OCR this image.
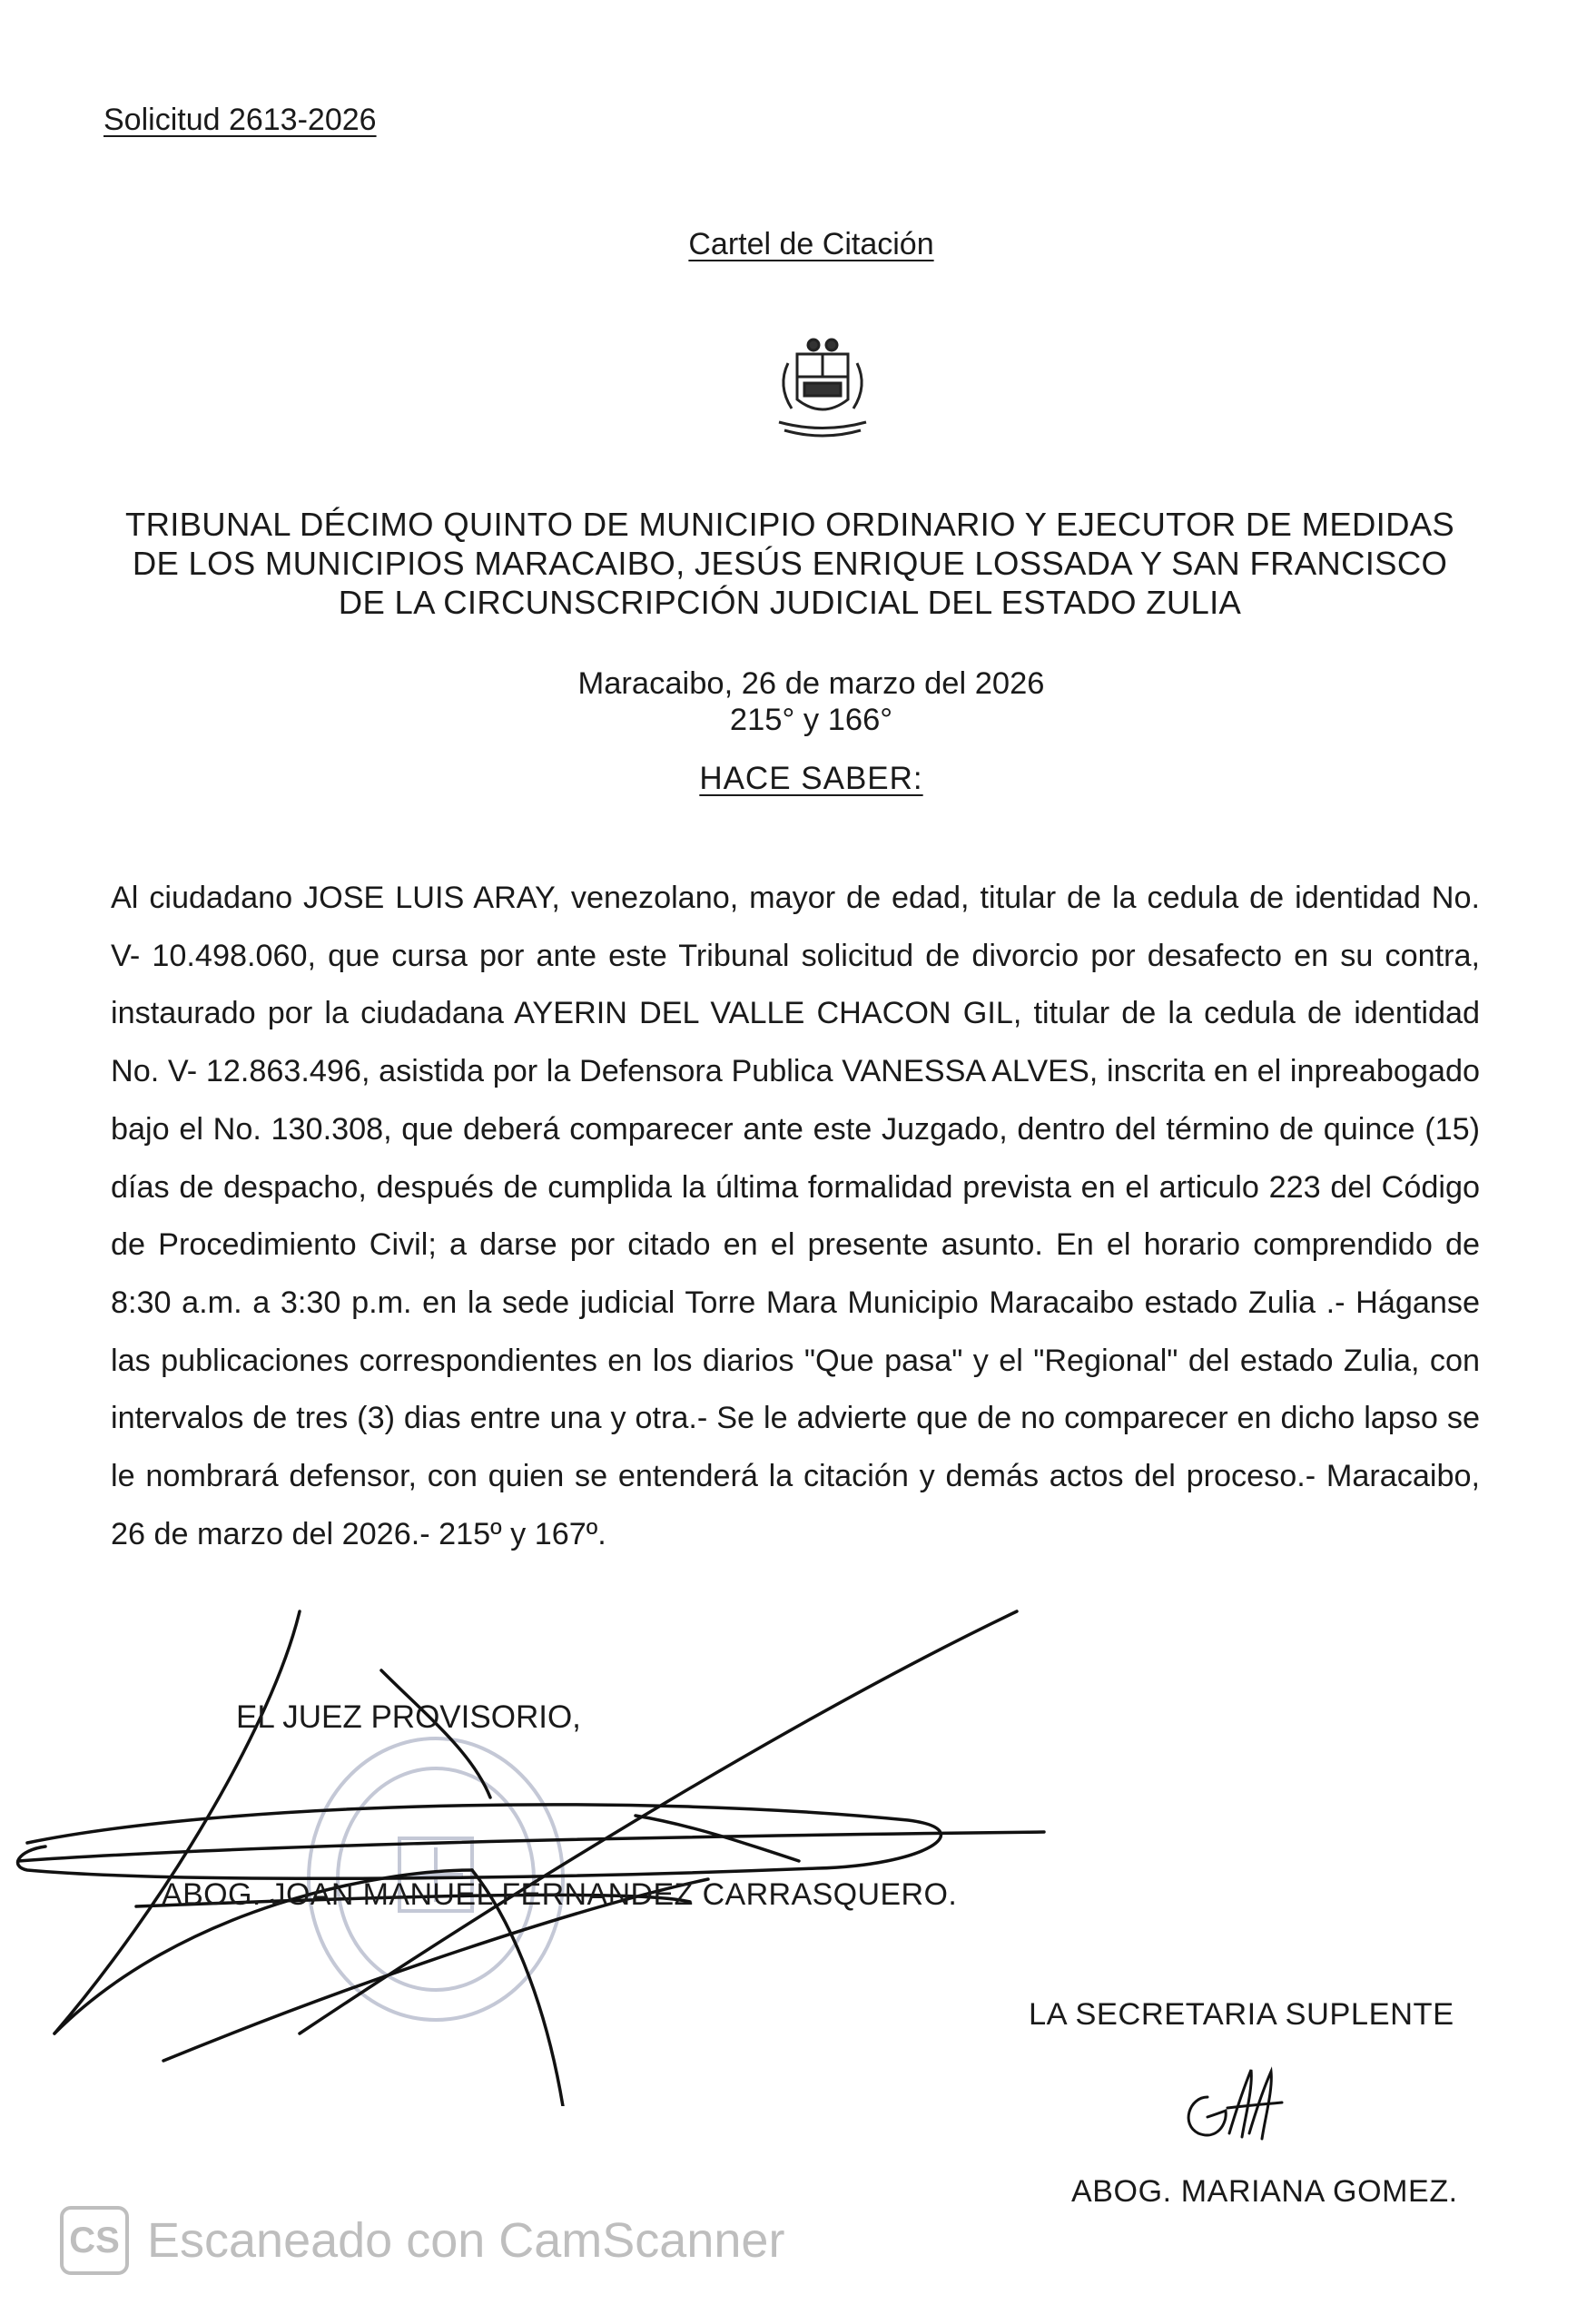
Solicitud 2613-2026
Cartel de Citación
TRIBUNAL DÉCIMO QUINTO DE MUNICIPIO ORDINARIO Y EJECUTOR DE MEDIDAS
DE LOS MUNICIPIOS MARACAIBO, JESÚS ENRIQUE LOSSADA Y SAN FRANCISCO
DE LA CIRCUNSCRIPCIÓN JUDICIAL DEL ESTADO ZULIA
Maracaibo, 26 de marzo del 2026
215° y 166°
HACE SABER:
Al ciudadano JOSE LUIS ARAY, venezolano, mayor de edad, titular de la cedula de identidad No. V- 10.498.060, que cursa por ante este Tribunal solicitud de divorcio por desafecto en su contra, instaurado por la ciudadana AYERIN DEL VALLE CHACON GIL, titular de la cedula de identidad No. V- 12.863.496, asistida por la Defensora Publica VANESSA ALVES, inscrita en el inpreabogado bajo el No. 130.308, que deberá comparecer ante este Juzgado, dentro del término de quince (15) días de despacho, después de cumplida la última formalidad prevista en el articulo 223 del Código de Procedimiento Civil; a darse por citado en el presente asunto. En el horario comprendido de 8:30 a.m. a 3:30 p.m. en la sede judicial Torre Mara Municipio Maracaibo estado Zulia .- Háganse las publicaciones correspondientes en los diarios "Que pasa" y el "Regional" del estado Zulia, con intervalos de tres (3) dias entre una y otra.- Se le advierte que de no comparecer en dicho lapso se le nombrará defensor, con quien se entenderá la citación y demás actos del proceso.- Maracaibo, 26 de marzo del 2026.- 215º y 167º.
EL JUEZ PROVISORIO,
ABOG. JOAN MANUEL FERNANDEZ CARRASQUERO.
LA SECRETARIA SUPLENTE
ABOG. MARIANA GOMEZ.
CS Escaneado con CamScanner
